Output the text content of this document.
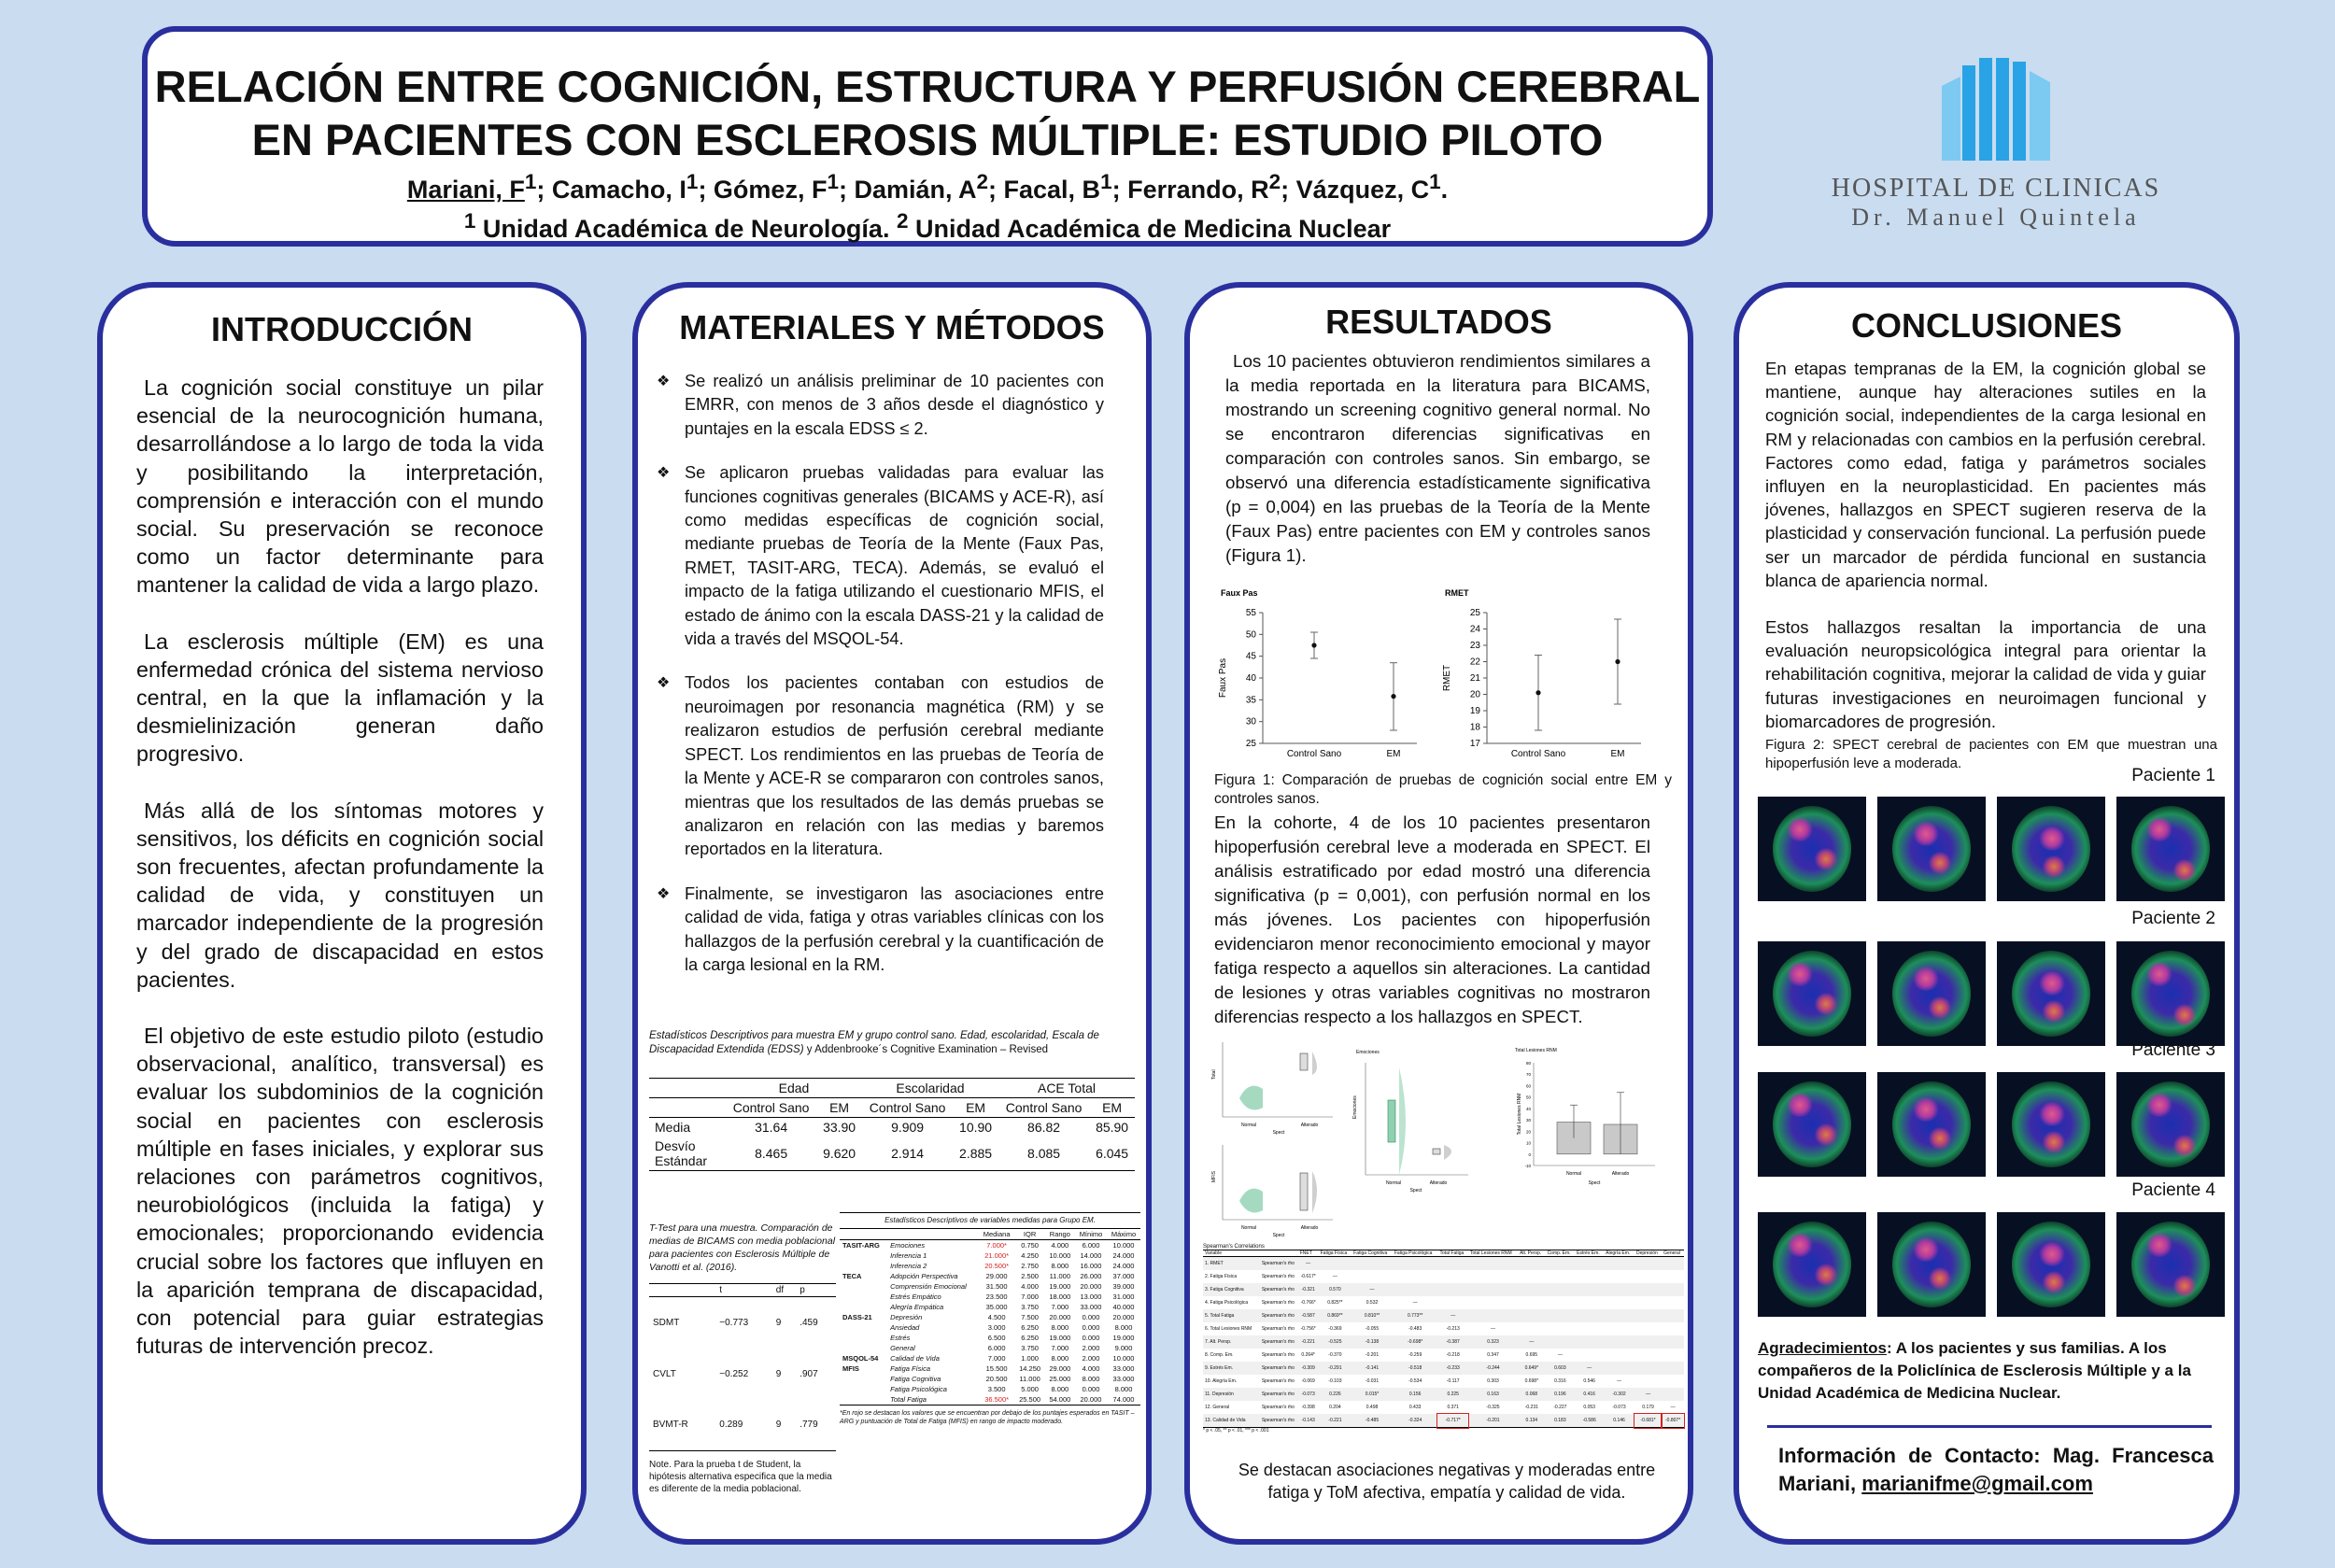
RELACIÓN ENTRE COGNICIÓN, ESTRUCTURA Y PERFUSIÓN CEREBRAL
EN PACIENTES CON ESCLEROSIS MÚLTIPLE: ESTUDIO PILOTO
Mariani, $F^1$; Camacho, $I^1$; Gómez, $F^1$; Damián, $A^2$; Facal, $B^1$; Ferrando, $R^2$; Vázquez, $C^1$.
$^1$ Unidad Académica de Neurología. $^2$ Unidad Académica de Medicina Nuclear
HOSPITAL DE CLINICAS
Dr. Manuel Quintela
INTRODUCCIÓN

La cognición social constituye un pilar esencial de la neurocognición humana, desarrollándose a lo largo de toda la vida y posibilitando la interpretación, comprensión e interacción con el mundo social. Su preservación se reconoce como un factor determinante para mantener la calidad de vida a largo plazo.

La esclerosis múltiple (EM) es una enfermedad crónica del sistema nervioso central, en la que la inflamación y la desmielinización generan daño progresivo.

Más allá de los síntomas motores y sensitivos, los déficits en cognición social son frecuentes, afectan profundamente la calidad de vida, y constituyen un marcador independiente de la progresión y del grado de discapacidad en estos pacientes.

El objetivo de este estudio piloto (estudio observacional, analítico, transversal) es evaluar los subdominios de la cognición social en pacientes con esclerosis múltiple en fases iniciales, y explorar sus relaciones con parámetros cognitivos, neurobiológicos (incluida la fatiga) y emocionales; proporcionando evidencia crucial sobre los factores que influyen en la aparición temprana de discapacidad, con potencial para guiar estrategias futuras de intervención precoz.

MATERIALES Y MÉTODOS
❖ Se realizó un análisis preliminar de 10 pacientes con EMRR, con menos de 3 años desde el diagnóstico y puntajes en la escala EDSS ≤ 2.
❖ Se aplicaron pruebas validadas para evaluar las funciones cognitivas generales (BICAMS y ACE-R), así como medidas específicas de cognición social, mediante pruebas de Teoría de la Mente (Faux Pas, RMET, TASIT-ARG, TECA). Además, se evaluó el impacto de la fatiga utilizando el cuestionario MFIS, el estado de ánimo con la escala DASS-21 y la calidad de vida a través del MSQOL-54.
❖ Todos los pacientes contaban con estudios de neuroimagen por resonancia magnética (RM) y se realizaron estudios de perfusión cerebral mediante SPECT. Los rendimientos en las pruebas de Teoría de la Mente y ACE-R se compararon con controles sanos, mientras que los resultados de las demás pruebas se analizaron en relación con las medias y baremos reportados en la literatura.
❖ Finalmente, se investigaron las asociaciones entre calidad de vida, fatiga y otras variables clínicas con los hallazgos de la perfusión cerebral y la cuantificación de la carga lesional en la RM.
Estadísticos Descriptivos para muestra EM y grupo control sano. Edad, escolaridad, Escala de Discapacidad Extendida (EDSS) y Addenbrooke´s Cognitive Examination – Revised
	Edad		Escolaridad		ACE Total	
	Control Sano	EM	Control Sano	EM	Control Sano	EM
Media	31.64	33.90	9.909	10.90	86.82	85.90
Desvío Estándar	8.465	9.620	2.914	2.885	8.085	6.045
T-Test para una muestra. Comparación de medias de BICAMS con media poblacional para pacientes con Esclerosis Múltiple de Vanotti et al. (2016).
	t	df	p
SDMT	−0.773	9	.459
CVLT	−0.252	9	.907
BVMT-R	0.289	9	.779
Note. Para la prueba t de Student, la hipótesis alternativa especifica que la media es diferente de la media poblacional.
Estadísticos Descriptivos de variables medidas para Grupo EM.
		Mediana	IQR	Rango	Mínimo	Máximo
TASIT-ARG	Emociones	7.000*	0.750	4.000	6.000	10.000
	Inferencia 1	21.000*	4.250	10.000	14.000	24.000
	Inferencia 2	20.500*	2.750	8.000	16.000	24.000
TECA	Adopción Perspectiva	29.000	2.500	11.000	26.000	37.000
	Comprensión Emocional	31.500	4.000	19.000	20.000	39.000
	Estrés Empático	23.500	7.000	18.000	13.000	31.000
	Alegría Empática	35.000	3.750	7.000	33.000	40.000
DASS-21	Depresión	4.500	7.500	20.000	0.000	20.000
	Ansiedad	3.000	6.250	8.000	0.000	8.000
	Estrés	6.500	6.250	19.000	0.000	19.000
	General	6.000	3.750	7.000	2.000	9.000
MSQOL-54	Calidad de Vida	7.000	1.000	8.000	2.000	10.000
MFIS	Fatiga Física	15.500	14.250	29.000	4.000	33.000
	Fatiga Cognitiva	20.500	11.000	25.000	8.000	33.000
	Fatiga Psicológica	3.500	5.000	8.000	0.000	8.000
	Total Fatiga	36.500*	25.500	54.000	20.000	74.000
*En rojo se destacan los valores que se encuentran por debajo de los puntajes esperados en TASIT – ARG y puntuación de Total de Fatiga (MFIS) en rango de impacto moderado.
RESULTADOS
Los 10 pacientes obtuvieron rendimientos similares a la media reportada en la literatura para BICAMS, mostrando un screening cognitivo general normal. No se encontraron diferencias significativas en comparación con controles sanos. Sin embargo, se observó una diferencia estadísticamente significativa (p = 0,004) en las pruebas de la Teoría de la Mente (Faux Pas) entre pacientes con EM y controles sanos (Figura 1).
Faux Pas
25
30
35
40
45
50
55
Faux Pas
Control Sano	EM
RMET
17
18
19
20
21
22
23
24
25
RMET
Control Sano	EM
Figura 1: Comparación de pruebas de cognición social entre EM y controles sanos.
En la cohorte, 4 de los 10 pacientes presentaron hipoperfusión cerebral leve a moderada en SPECT. El análisis estratificado por edad mostró una diferencia significativa (p = 0,001), con perfusión normal en los más jóvenes. Los pacientes con hipoperfusión evidenciaron menor reconocimiento emocional y mayor fatiga respecto a aquellos sin alteraciones. La cantidad de lesiones y otras variables cognitivas no mostraron diferencias respecto a los hallazgos en SPECT.
Total
Normal	Alterado
Spect
MFIS
Normal	Alterado
Spect
Emociones
Emociones
Normal	Alterado
Spect
Total Lesiones RNM
Total Lesiones RNM
-10
0
10
20
30
40
50
60
70
80
Normal	Alterado
Spect
Spearman's Correlations
Variable		FNET	Fatiga Física	Fatiga Cognitiva	Fatiga Psicológica	Total Fatiga	Total Lesiones RNM	Alt. Persp.	Comp. Em.	Estrés Em.	Alegría Em.	Depresión	General
1. RMET	Spearman's rho	—											
2. Fatiga Física	Spearman's rho	-0.617*	—										
3. Fatiga Cognitiva	Spearman's rho	-0.321	0.570	—									
4. Fatiga Psicológica	Spearman's rho	-0.766*	0.825**	0.532	—								
5. Total Fatiga	Spearman's rho	-0.587	0.869**	0.810**	0.773**	—							
6. Total Lesiones RNM	Spearman's rho	-0.756*	-0.369	-0.055	-0.483	-0.213	—						
7. Alt. Persp.	Spearman's rho	-0.221	-0.525	-0.138	-0.698*	-0.387	0.323	—					
8. Comp. Em.	Spearman's rho	0.264*	-0.370	-0.201	-0.259	-0.218	0.347	0.695	—				
9. Estrés Em.	Spearman's rho	-0.309	-0.291	-0.141	-0.518	-0.233	-0.244	0.649*	0.603	—			
10. Alegría Em.	Spearman's rho	-0.069	-0.103	-0.031	-0.534	-0.117	0.303	0.698*	0.316	0.546	—		
11. Depresión	Spearman's rho	-0.073	0.226	0.015*	0.156	0.225	0.163	0.068	0.196	0.416	-0.302	—	
12. General	Spearman's rho	-0.398	0.204	0.498	0.433	0.371	-0.325	-0.231	-0.227	0.053	-0.073	0.179	—
13. Calidad de Vida	Spearman's rho	-0.143	-0.221	-0.485	-0.324	-0.717*	-0.201	0.134	0.183	-0.586	0.146	-0.681*	-0.807*
* p < .05, ** p < .01, *** p < .001
Se destacan asociaciones negativas y moderadas entre fatiga y ToM afectiva, empatía y calidad de vida.
CONCLUSIONES

En etapas tempranas de la EM, la cognición global se mantiene, aunque hay alteraciones sutiles en la cognición social, independientes de la carga lesional en RM y relacionadas con cambios en la perfusión cerebral. Factores como edad, fatiga y parámetros sociales influyen en la neuroplasticidad. En pacientes más jóvenes, hallazgos en SPECT sugieren reserva de la plasticidad y conservación funcional. La perfusión puede ser un marcador de pérdida funcional en sustancia blanca de apariencia normal.

Estos hallazgos resaltan la importancia de una evaluación neuropsicológica integral para orientar la rehabilitación cognitiva, mejorar la calidad de vida y guiar futuras investigaciones en neuroimagen funcional y biomarcadores de progresión.

Figura 2: SPECT cerebral de pacientes con EM que muestran una hipoperfusión leve a moderada.
Paciente 1
Paciente 2
Paciente 3
Paciente 4
Agradecimientos: A los pacientes y sus familias. A los compañeros de la Policlínica de Esclerosis Múltiple y a la Unidad Académica de Medicina Nuclear.
Información de Contacto: Mag. Francesca Mariani, marianifme@gmail.com
